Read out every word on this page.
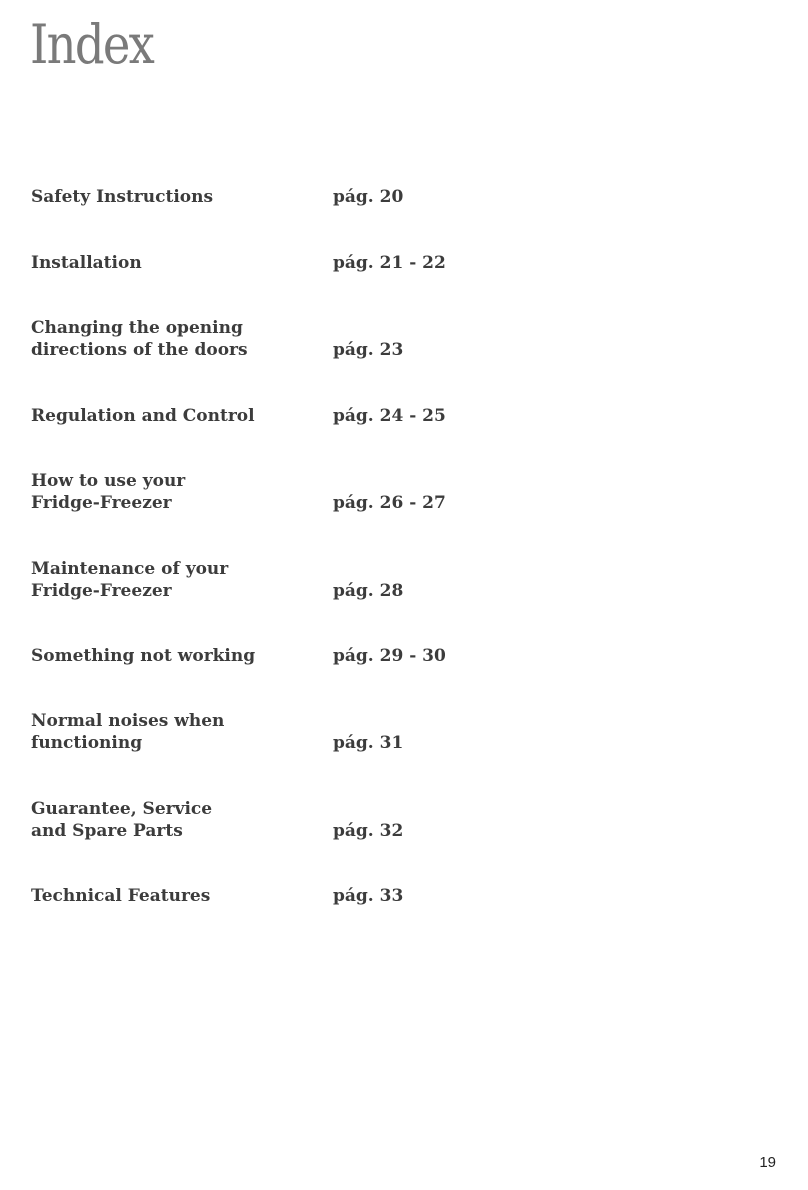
Index
Safety Instructions	pág. 20
Installation	pág. 21 - 22
Changing the opening
directions of the doors	pág. 23
Regulation and Control	pág. 24 - 25
How to use your
Fridge-Freezer	pág. 26 - 27
Maintenance of your
Fridge-Freezer	pág. 28
Something not working	pág. 29 - 30
Normal noises when
functioning	pág. 31
Guarantee, Service
and Spare Parts	pág. 32
Technical Features	pág. 33
19
